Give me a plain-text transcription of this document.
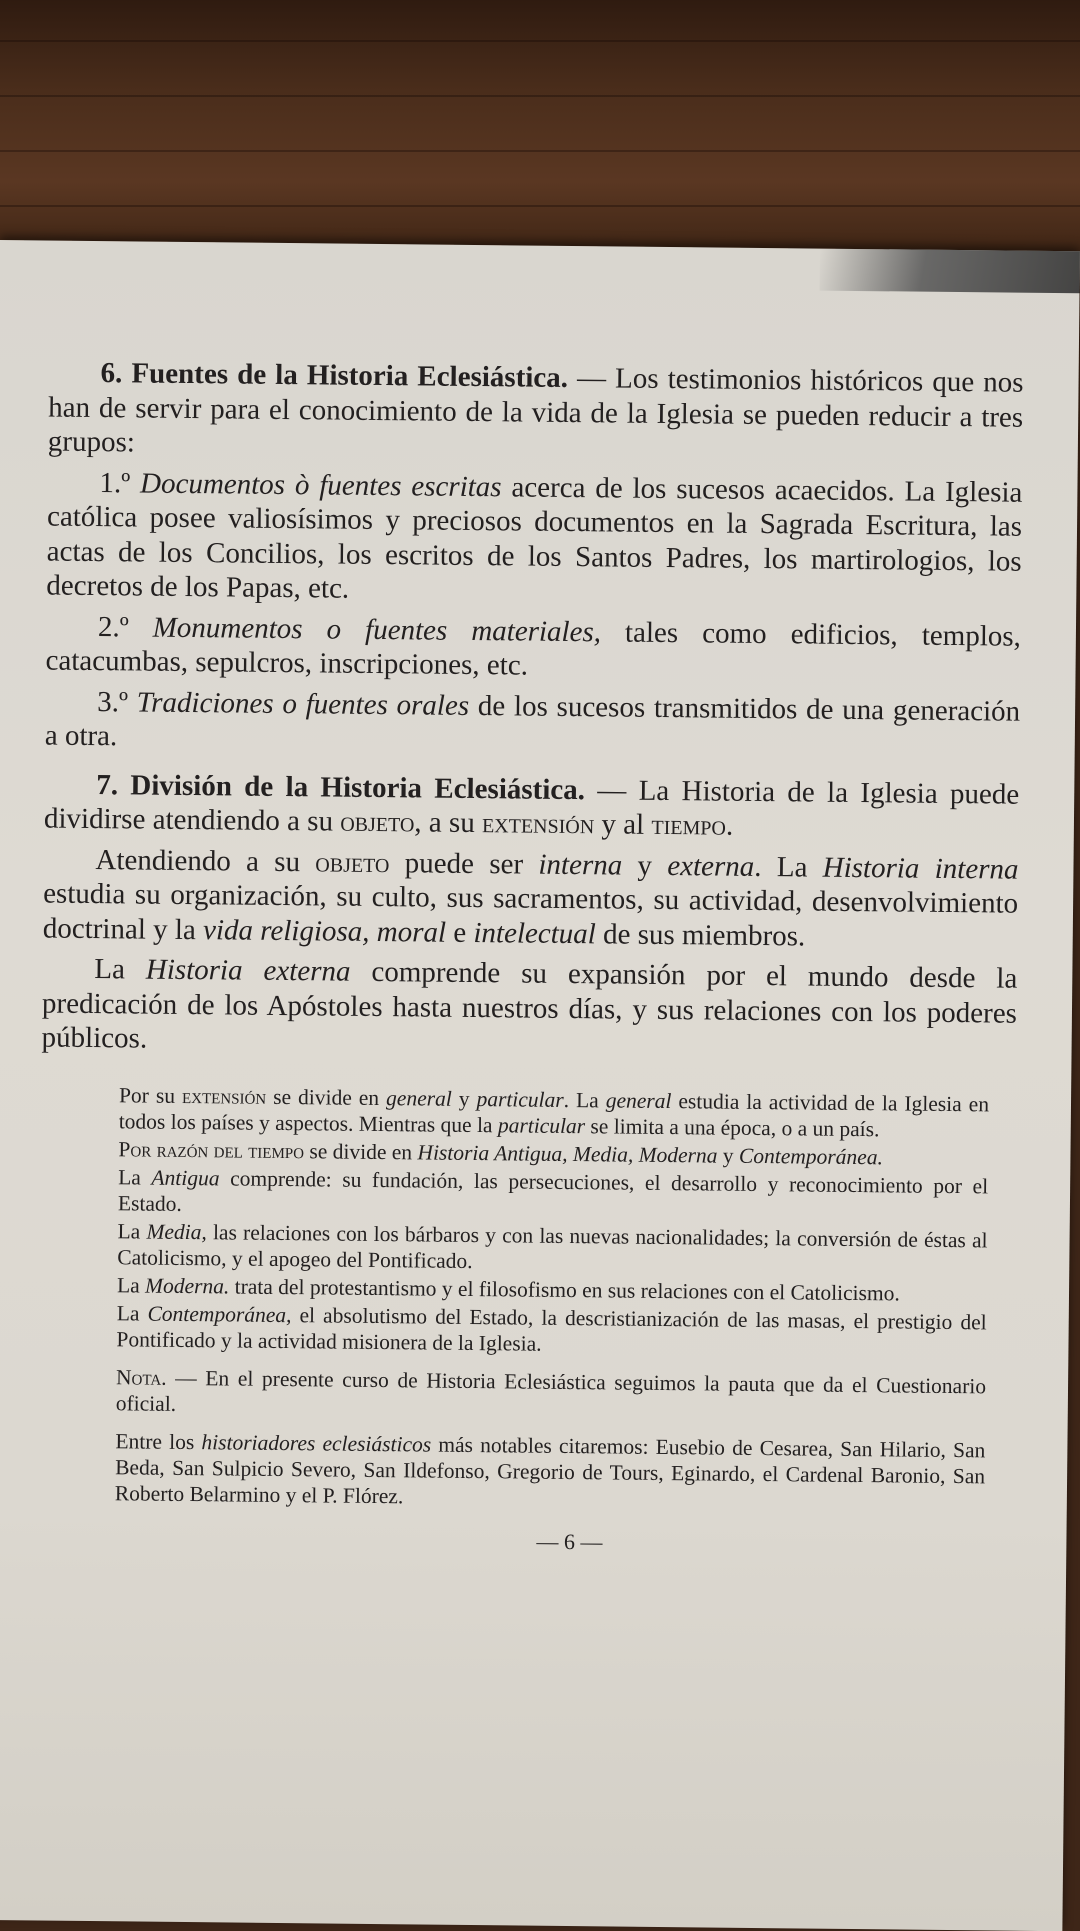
6. Fuentes de la Historia Eclesiástica. — Los testimonios históricos que nos han de servir para el conocimiento de la vida de la Iglesia se pueden reducir a tres grupos:

1.º Documentos ò fuentes escritas acerca de los sucesos acaecidos. La Iglesia católica posee valiosísimos y preciosos documentos en la Sagrada Escritura, las actas de los Concilios, los escritos de los Santos Padres, los martirologios, los decretos de los Papas, etc.

2.º Monumentos o fuentes materiales, tales como edificios, templos, catacumbas, sepulcros, inscripciones, etc.

3.º Tradiciones o fuentes orales de los sucesos transmitidos de una generación a otra.

7. División de la Historia Eclesiástica. — La Historia de la Iglesia puede dividirse atendiendo a su objeto, a su extensión y al tiempo.

Atendiendo a su objeto puede ser interna y externa. La Historia interna estudia su organización, su culto, sus sacramentos, su actividad, desenvolvimiento doctrinal y la vida religiosa, moral e intelectual de sus miembros.

La Historia externa comprende su expansión por el mundo desde la predicación de los Apóstoles hasta nuestros días, y sus relaciones con los poderes públicos.

Por su extensión se divide en general y particular. La general estudia la actividad de la Iglesia en todos los países y aspectos. Mientras que la particular se limita a una época, o a un país.

Por razón del tiempo se divide en Historia Antigua, Media, Moderna y Contemporánea.

La Antigua comprende: su fundación, las persecuciones, el desarrollo y reconocimiento por el Estado.

La Media, las relaciones con los bárbaros y con las nuevas nacionalidades; la conversión de éstas al Catolicismo, y el apogeo del Pontificado.

La Moderna. trata del protestantismo y el filosofismo en sus relaciones con el Catolicismo.

La Contemporánea, el absolutismo del Estado, la descristianización de las masas, el prestigio del Pontificado y la actividad misionera de la Iglesia.

Nota. — En el presente curso de Historia Eclesiástica seguimos la pauta que da el Cuestionario oficial.

Entre los historiadores eclesiásticos más notables citaremos: Eusebio de Cesarea, San Hilario, San Beda, San Sulpicio Severo, San Ildefonso, Gregorio de Tours, Eginardo, el Cardenal Baronio, San Roberto Belarmino y el P. Flórez.

— 6 —
